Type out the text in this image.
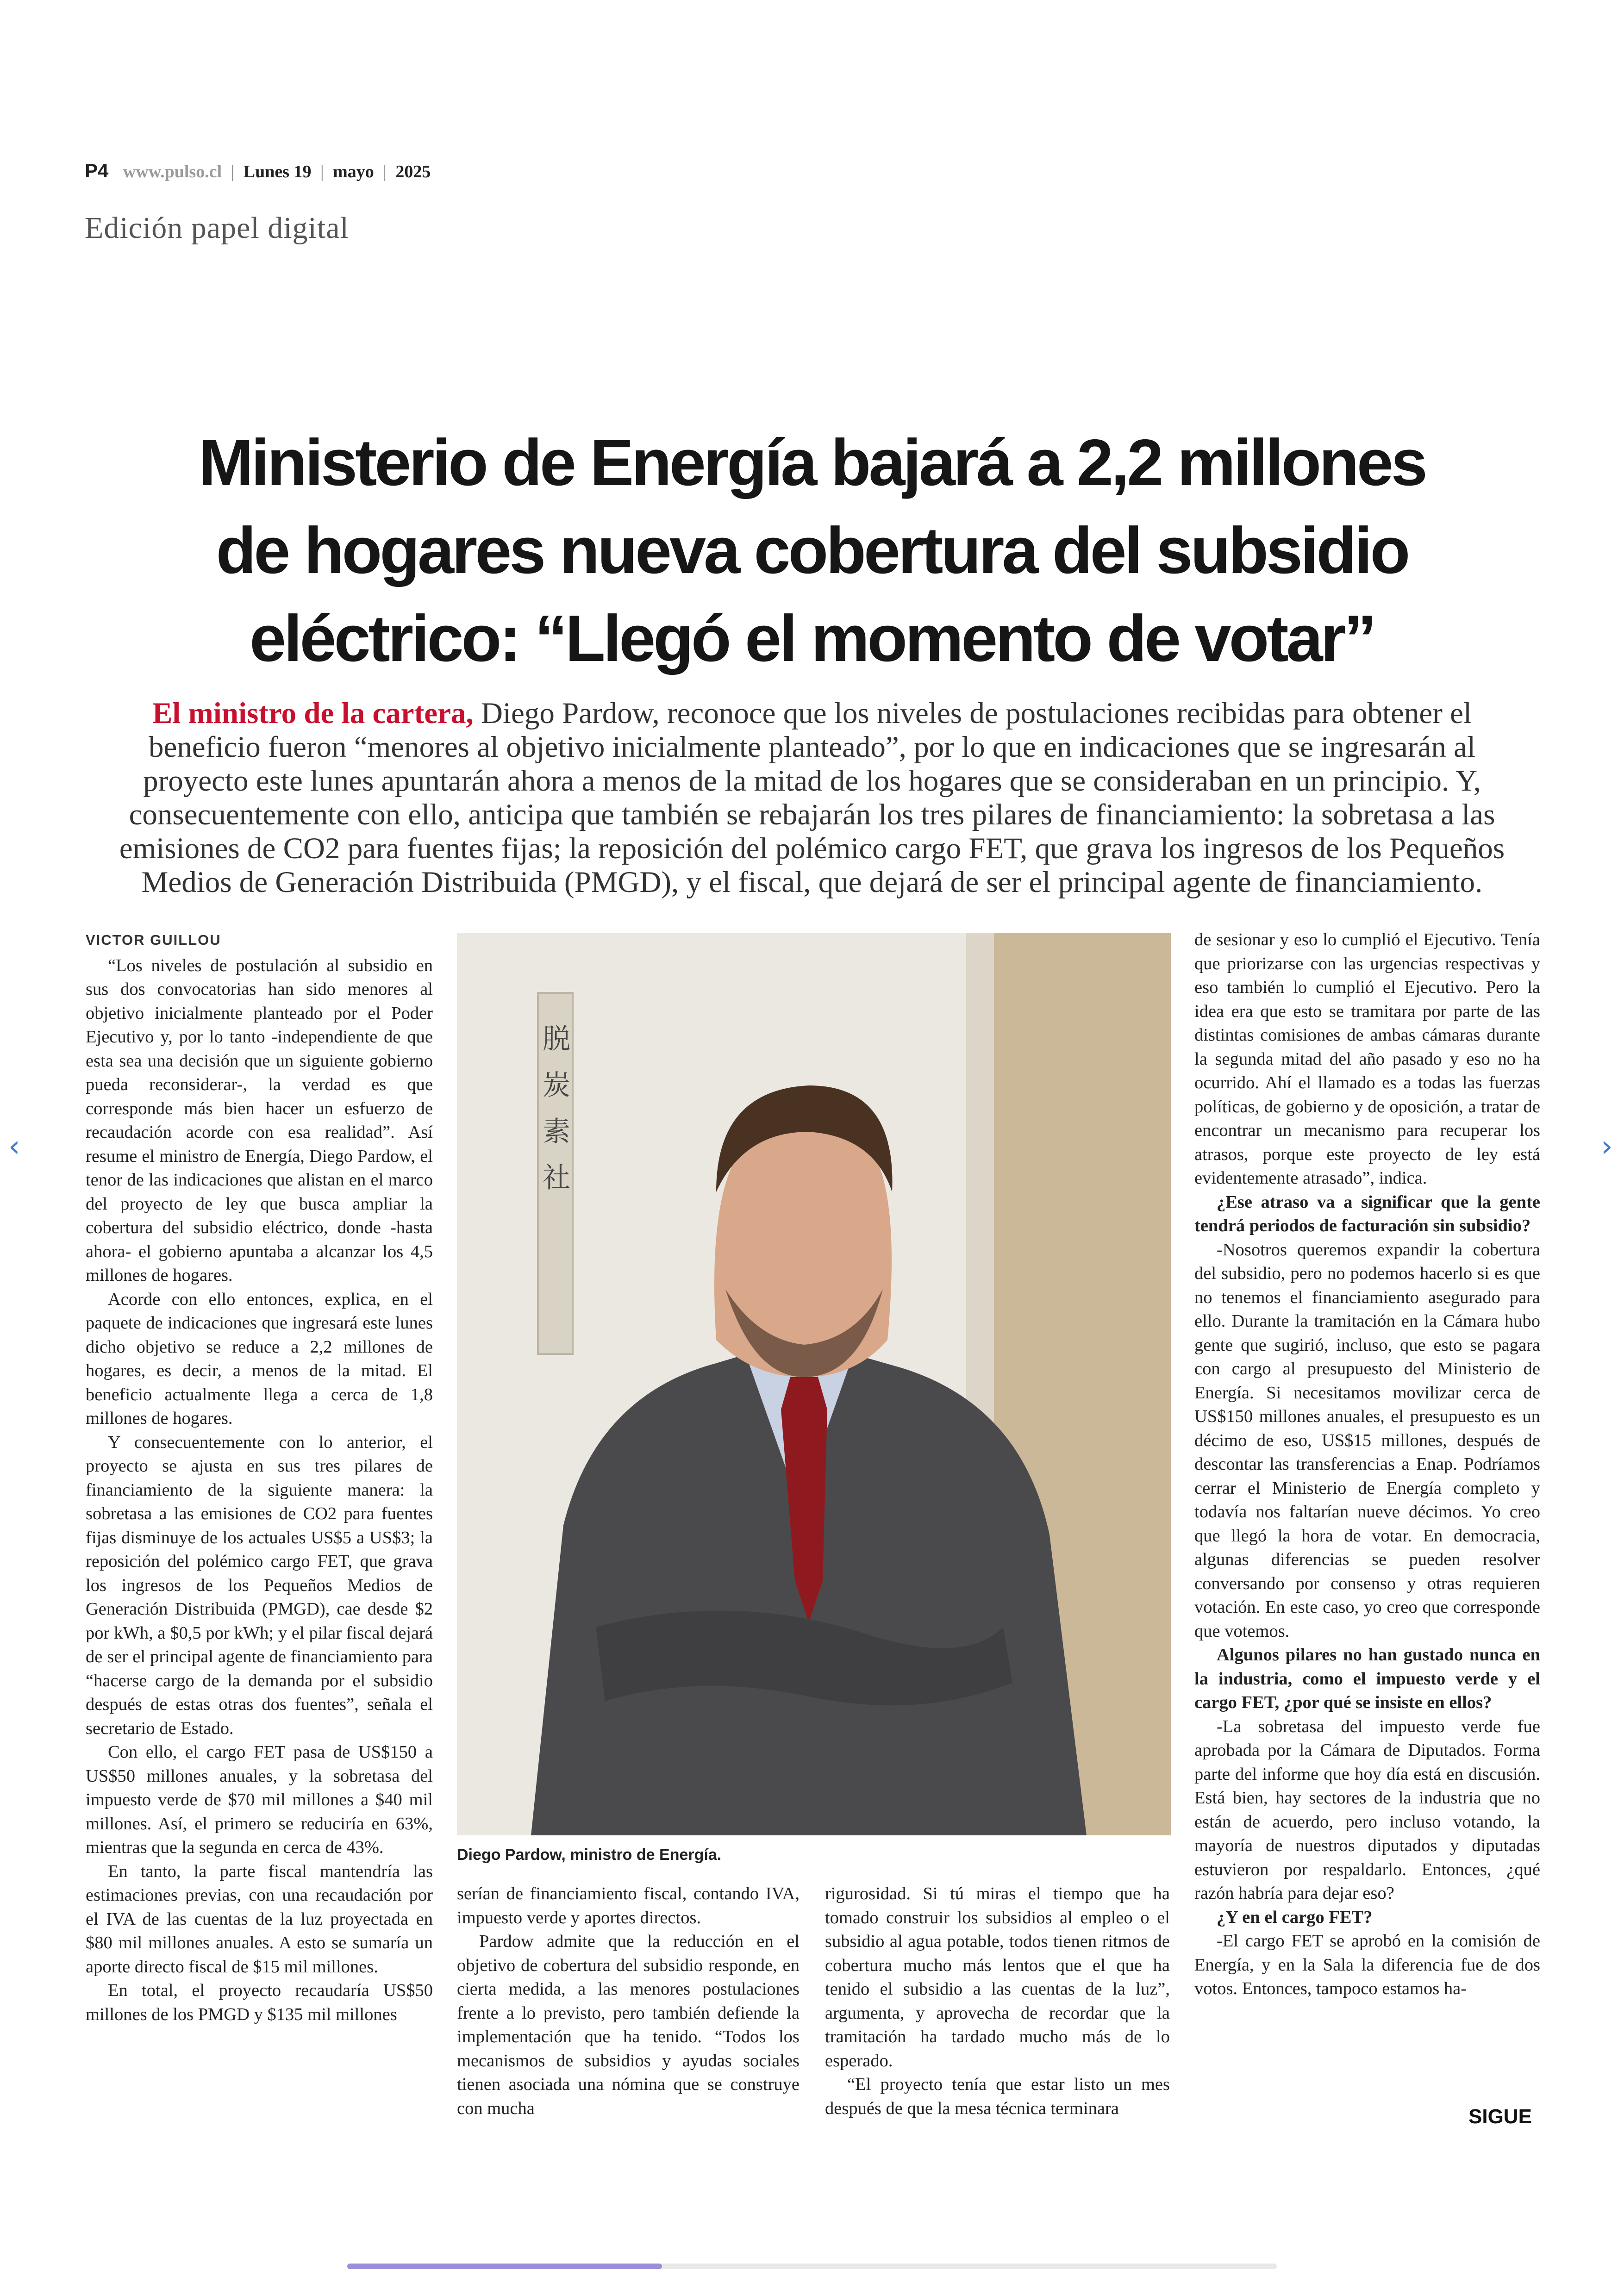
P4 www.pulso.cl | Lunes 19 | mayo | 2025
Edición papel digital
Ministerio de Energía bajará a 2,2 millones
de hogares nueva cobertura del subsidio
eléctrico: “Llegó el momento de votar”
El ministro de la cartera, Diego Pardow, reconoce que los niveles de postulaciones recibidas para obtener el
beneficio fueron “menores al objetivo inicialmente planteado”, por lo que en indicaciones que se ingresarán al
proyecto este lunes apuntarán ahora a menos de la mitad de los hogares que se consideraban en un principio. Y,
consecuentemente con ello, anticipa que también se rebajarán los tres pilares de financiamiento: la sobretasa a las
emisiones de CO2 para fuentes fijas; la reposición del polémico cargo FET, que grava los ingresos de los Pequeños
Medios de Generación Distribuida (PMGD), y el fiscal, que dejará de ser el principal agente de financiamiento.

VICTOR GUILLOU

“Los niveles de postulación al subsidio en sus dos convocatorias han sido menores al objetivo inicialmente planteado por el Poder Ejecutivo y, por lo tanto -independiente de que esta sea una decisión que un siguiente gobierno pueda reconsiderar-, la verdad es que corresponde más bien hacer un esfuerzo de recaudación acorde con esa realidad”. Así resume el ministro de Energía, Diego Pardow, el tenor de las indicaciones que alistan en el marco del proyecto de ley que busca ampliar la cobertura del subsidio eléctrico, donde -hasta ahora- el gobierno apuntaba a alcanzar los 4,5 millones de hogares.

Acorde con ello entonces, explica, en el paquete de indicaciones que ingresará este lunes dicho objetivo se reduce a 2,2 millones de hogares, es decir, a menos de la mitad. El beneficio actualmente llega a cerca de 1,8 millones de hogares.

Y consecuentemente con lo anterior, el proyecto se ajusta en sus tres pilares de financiamiento de la siguiente manera: la sobretasa a las emisiones de CO2 para fuentes fijas disminuye de los actuales US$5 a US$3; la reposición del polémico cargo FET, que grava los ingresos de los Pequeños Medios de Generación Distribuida (PMGD), cae desde $2 por kWh, a $0,5 por kWh; y el pilar fiscal dejará de ser el principal agente de financiamiento para “hacerse cargo de la demanda por el subsidio después de estas otras dos fuentes”, señala el secretario de Estado.

Con ello, el cargo FET pasa de US$150 a US$50 millones anuales, y la sobretasa del impuesto verde de $70 mil millones a $40 mil millones. Así, el primero se reduciría en 63%, mientras que la segunda en cerca de 43%.

En tanto, la parte fiscal mantendría las estimaciones previas, con una recaudación por el IVA de las cuentas de la luz proyectada en $80 mil millones anuales. A esto se sumaría un aporte directo fiscal de $15 mil millones.

En total, el proyecto recaudaría US$50 millones de los PMGD y $135 mil millones

脱
炭
素
社
Diego Pardow, ministro de Energía.

serían de financiamiento fiscal, contando IVA, impuesto verde y aportes directos.

Pardow admite que la reducción en el objetivo de cobertura del subsidio responde, en cierta medida, a las menores postulaciones frente a lo previsto, pero también defiende la implementación que ha tenido. “Todos los mecanismos de subsidios y ayudas sociales tienen asociada una nómina que se construye con mucha

rigurosidad. Si tú miras el tiempo que ha tomado construir los subsidios al empleo o el subsidio al agua potable, todos tienen ritmos de cobertura mucho más lentos que el que ha tenido el subsidio a las cuentas de la luz”, argumenta, y aprovecha de recordar que la tramitación ha tardado mucho más de lo esperado.

“El proyecto tenía que estar listo un mes después de que la mesa técnica terminara

de sesionar y eso lo cumplió el Ejecutivo. Tenía que priorizarse con las urgencias respectivas y eso también lo cumplió el Ejecutivo. Pero la idea era que esto se tramitara por parte de las distintas comisiones de ambas cámaras durante la segunda mitad del año pasado y eso no ha ocurrido. Ahí el llamado es a todas las fuerzas políticas, de gobierno y de oposición, a tratar de encontrar un mecanismo para recuperar los atrasos, porque este proyecto de ley está evidentemente atrasado”, indica.

¿Ese atraso va a significar que la gente tendrá periodos de facturación sin subsidio?

-Nosotros queremos expandir la cobertura del subsidio, pero no podemos hacerlo si es que no tenemos el financiamiento asegurado para ello. Durante la tramitación en la Cámara hubo gente que sugirió, incluso, que esto se pagara con cargo al presupuesto del Ministerio de Energía. Si necesitamos movilizar cerca de US$150 millones anuales, el presupuesto es un décimo de eso, US$15 millones, después de descontar las transferencias a Enap. Podríamos cerrar el Ministerio de Energía completo y todavía nos faltarían nueve décimos. Yo creo que llegó la hora de votar. En democracia, algunas diferencias se pueden resolver conversando por consenso y otras requieren votación. En este caso, yo creo que corresponde que votemos.

Algunos pilares no han gustado nunca en la industria, como el impuesto verde y el cargo FET, ¿por qué se insiste en ellos?

-La sobretasa del impuesto verde fue aprobada por la Cámara de Diputados. Forma parte del informe que hoy día está en discusión. Está bien, hay sectores de la industria que no están de acuerdo, pero incluso votando, la mayoría de nuestros diputados y diputadas estuvieron por respaldarlo. Entonces, ¿qué razón habría para dejar eso?

¿Y en el cargo FET?

-El cargo FET se aprobó en la comisión de Energía, y en la Sala la diferencia fue de dos votos. Entonces, tampoco estamos ha-

SIGUE
‹	›
